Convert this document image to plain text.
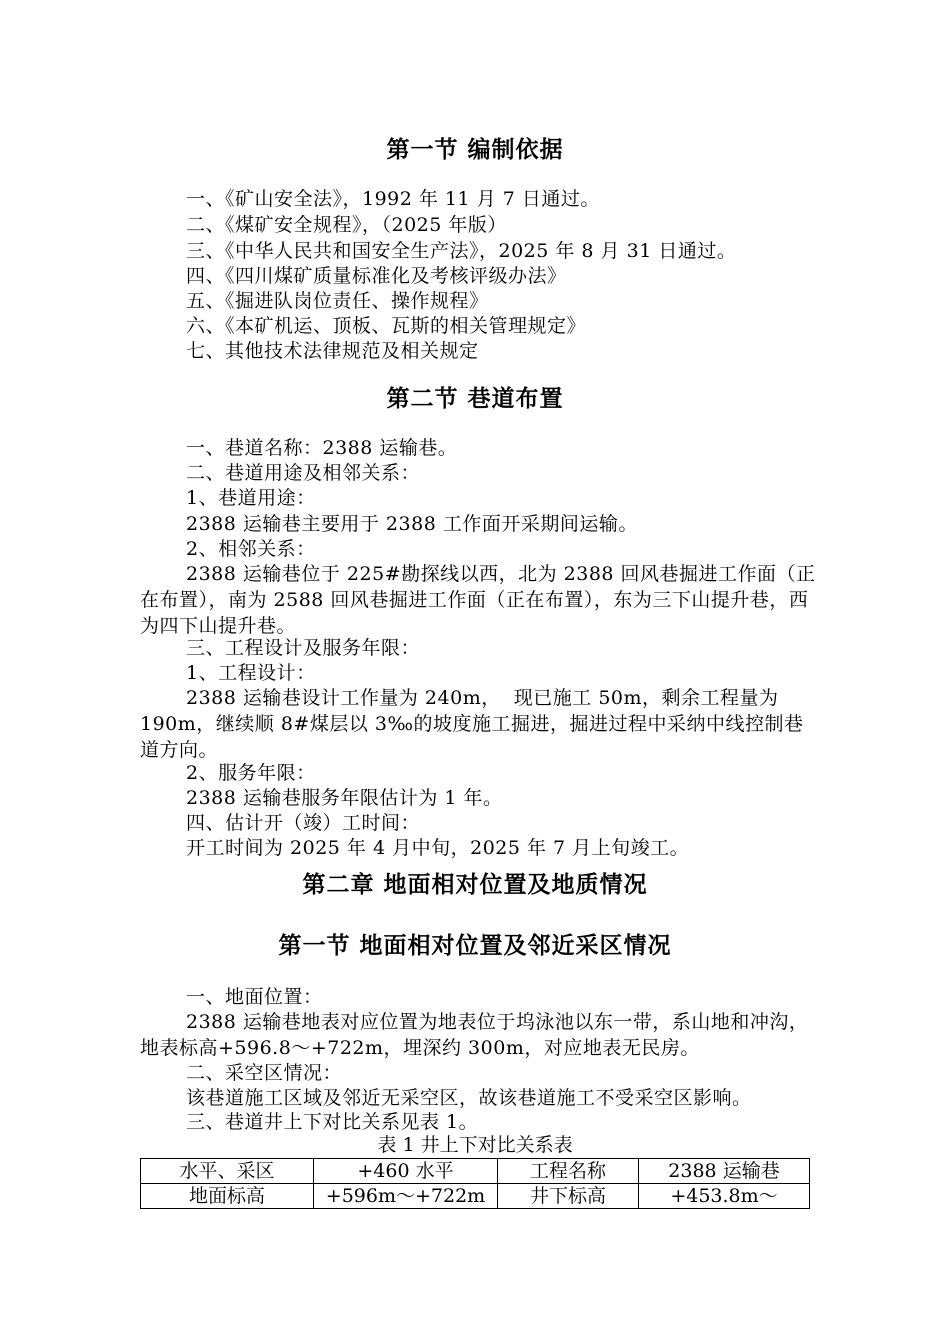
第一节 编制依据
一、《矿山安全法》，1992 年 11 月 7 日通过。
二、《煤矿安全规程》，（2025 年版）
三、《中华人民共和国安全生产法》，2025 年 8 月 31 日通过。
四、《四川煤矿质量标准化及考核评级办法》
五、《掘进队岗位责任、操作规程》
六、《本矿机运、顶板、瓦斯的相关管理规定》
七、其他技术法律规范及相关规定
第二节 巷道布置
一、巷道名称：2388 运输巷。
二、巷道用途及相邻关系：
1、巷道用途：
2388 运输巷主要用于 2388 工作面开采期间运输。
2、相邻关系：
2388 运输巷位于 225#勘探线以西，北为 2388 回风巷掘进工作面（正在布置），南为 2588 回风巷掘进工作面（正在布置），东为三下山提升巷，西为四下山提升巷。
三、工程设计及服务年限：
1、工程设计：
2388 运输巷设计工作量为 240m，  现已施工 50m，剩余工程量为 190m，继续顺 8#煤层以 3‰的坡度施工掘进，掘进过程中采纳中线控制巷道方向。
2、服务年限：
2388 运输巷服务年限估计为 1 年。
四、估计开（竣）工时间：
开工时间为 2025 年 4 月中旬，2025 年 7 月上旬竣工。
第二章 地面相对位置及地质情况
第一节 地面相对位置及邻近采区情况
一、地面位置：
2388 运输巷地表对应位置为地表位于坞泳池以东一带，系山地和冲沟，地表标高+596.8～+722m，埋深约 300m，对应地表无民房。
二、采空区情况：
该巷道施工区域及邻近无采空区，故该巷道施工不受采空区影响。
三、巷道井上下对比关系见表 1。
表 1 井上下对比关系表
水平、采区	+460 水平	工程名称	2388 运输巷
地面标高	+596m～+722m	井下标高	+453.8m～
